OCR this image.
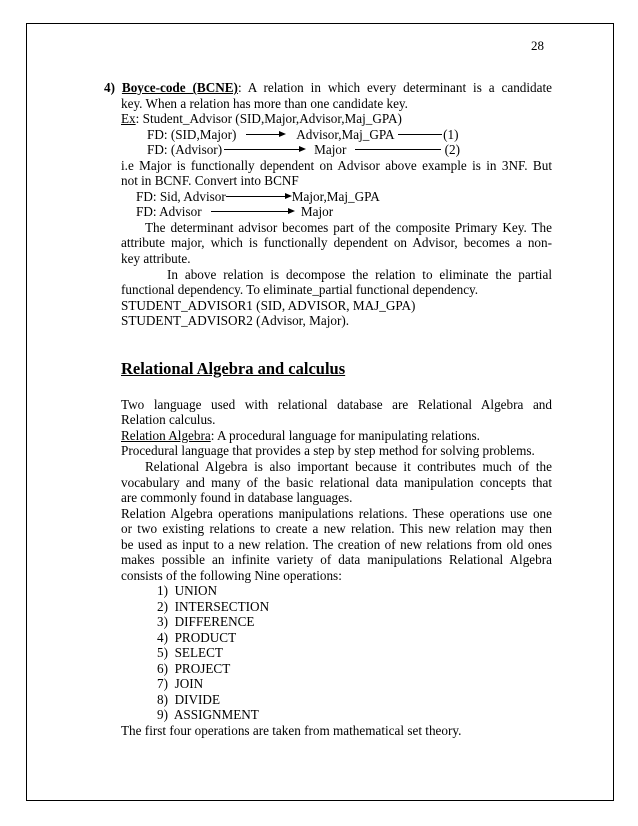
28
4) Boyce-code (BCNE): A relation in which every determinant is a candidate
key. When a relation has more than one candidate key.
Ex: Student_Advisor (SID,Major,Advisor,Maj_GPA)
FD: (SID,Major)	Advisor,Maj_GPA	(1)
FD: (Advisor)	Major	(2)
i.e Major is functionally dependent on Advisor above example is in 3NF. But
not in BCNF. Convert into BCNF
FD: Sid, Advisor	Major,Maj_GPA
FD: Advisor	Major
The determinant advisor becomes part of the composite Primary Key. The
attribute major, which is functionally dependent on Advisor, becomes a non-
key attribute.
In above relation is decompose the relation to eliminate the partial
functional dependency. To eliminate_partial functional dependency.
STUDENT_ADVISOR1 (SID, ADVISOR, MAJ_GPA)
STUDENT_ADVISOR2 (Advisor, Major).
Relational Algebra and calculus
Two language used with relational database are Relational Algebra and
Relation calculus.
Relation Algebra: A procedural language for manipulating relations.
Procedural language that provides a step by step method for solving problems.
Relational Algebra is also important because it contributes much of the
vocabulary and many of the basic relational data manipulation concepts that
are commonly found in database languages.
Relation Algebra operations manipulations relations. These operations use one
or two existing relations to create a new relation. This new relation may then
be used as input to a new relation. The creation of new relations from old ones
makes possible an infinite variety of data manipulations Relational Algebra
consists of the following Nine operations:
1) UNION
2) INTERSECTION
3) DIFFERENCE
4) PRODUCT
5) SELECT
6) PROJECT
7) JOIN
8) DIVIDE
9) ASSIGNMENT
The first four operations are taken from mathematical set theory.
